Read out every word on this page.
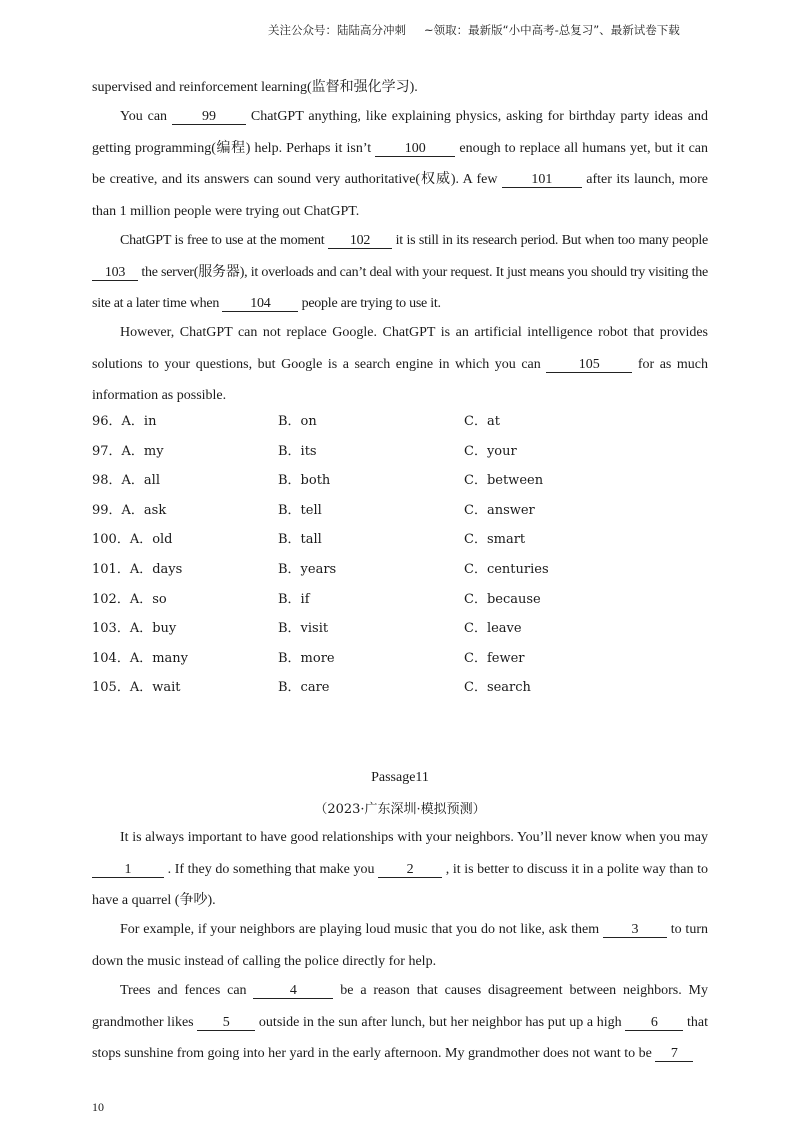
关注公众号：陆陆高分冲刺 ~领取：最新版“小中高考-总复习”、最新试卷下载

supervised and reinforcement learning(监督和强化学习).

You can 99 ChatGPT anything, like explaining physics, asking for birthday party ideas and getting programming(编程) help. Perhaps it isn’t 100 enough to replace all humans yet, but it can be creative, and its answers can sound very authoritative(权威). A few 101 after its launch, more than 1 million people were trying out ChatGPT.

ChatGPT is free to use at the moment 102 it is still in its research period. But when too many people 103 the server(服务器), it overloads and can’t deal with your request. It just means you should try visiting the site at a later time when 104 people are trying to use it.

However, ChatGPT can not replace Google. ChatGPT is an artificial intelligence robot that provides solutions to your questions, but Google is a search engine in which you can 105 for as much information as possible.

96．A．in	B．on	C．at
97．A．my	B．its	C．your
98．A．all	B．both	C．between
99．A．ask	B．tell	C．answer
100．A．old	B．tall	C．smart
101．A．days	B．years	C．centuries
102．A．so	B．if	C．because
103．A．buy	B．visit	C．leave
104．A．many	B．more	C．fewer
105．A．wait	B．care	C．search
Passage11
（2023·广东深圳·模拟预测）

It is always important to have good relationships with your neighbors. You’ll never know when you may 1 . If they do something that make you 2 , it is better to discuss it in a polite way than to have a quarrel (争吵).

For example, if your neighbors are playing loud music that you do not like, ask them 3 to turn down the music instead of calling the police directly for help.

Trees and fences can	4	be a reason that causes disagreement between neighbors. My grandmother likes 5 outside in the sun after lunch, but her neighbor has put up a high 6 that stops sunshine from going into her yard in the early afternoon. My grandmother does not want to be 7

10
